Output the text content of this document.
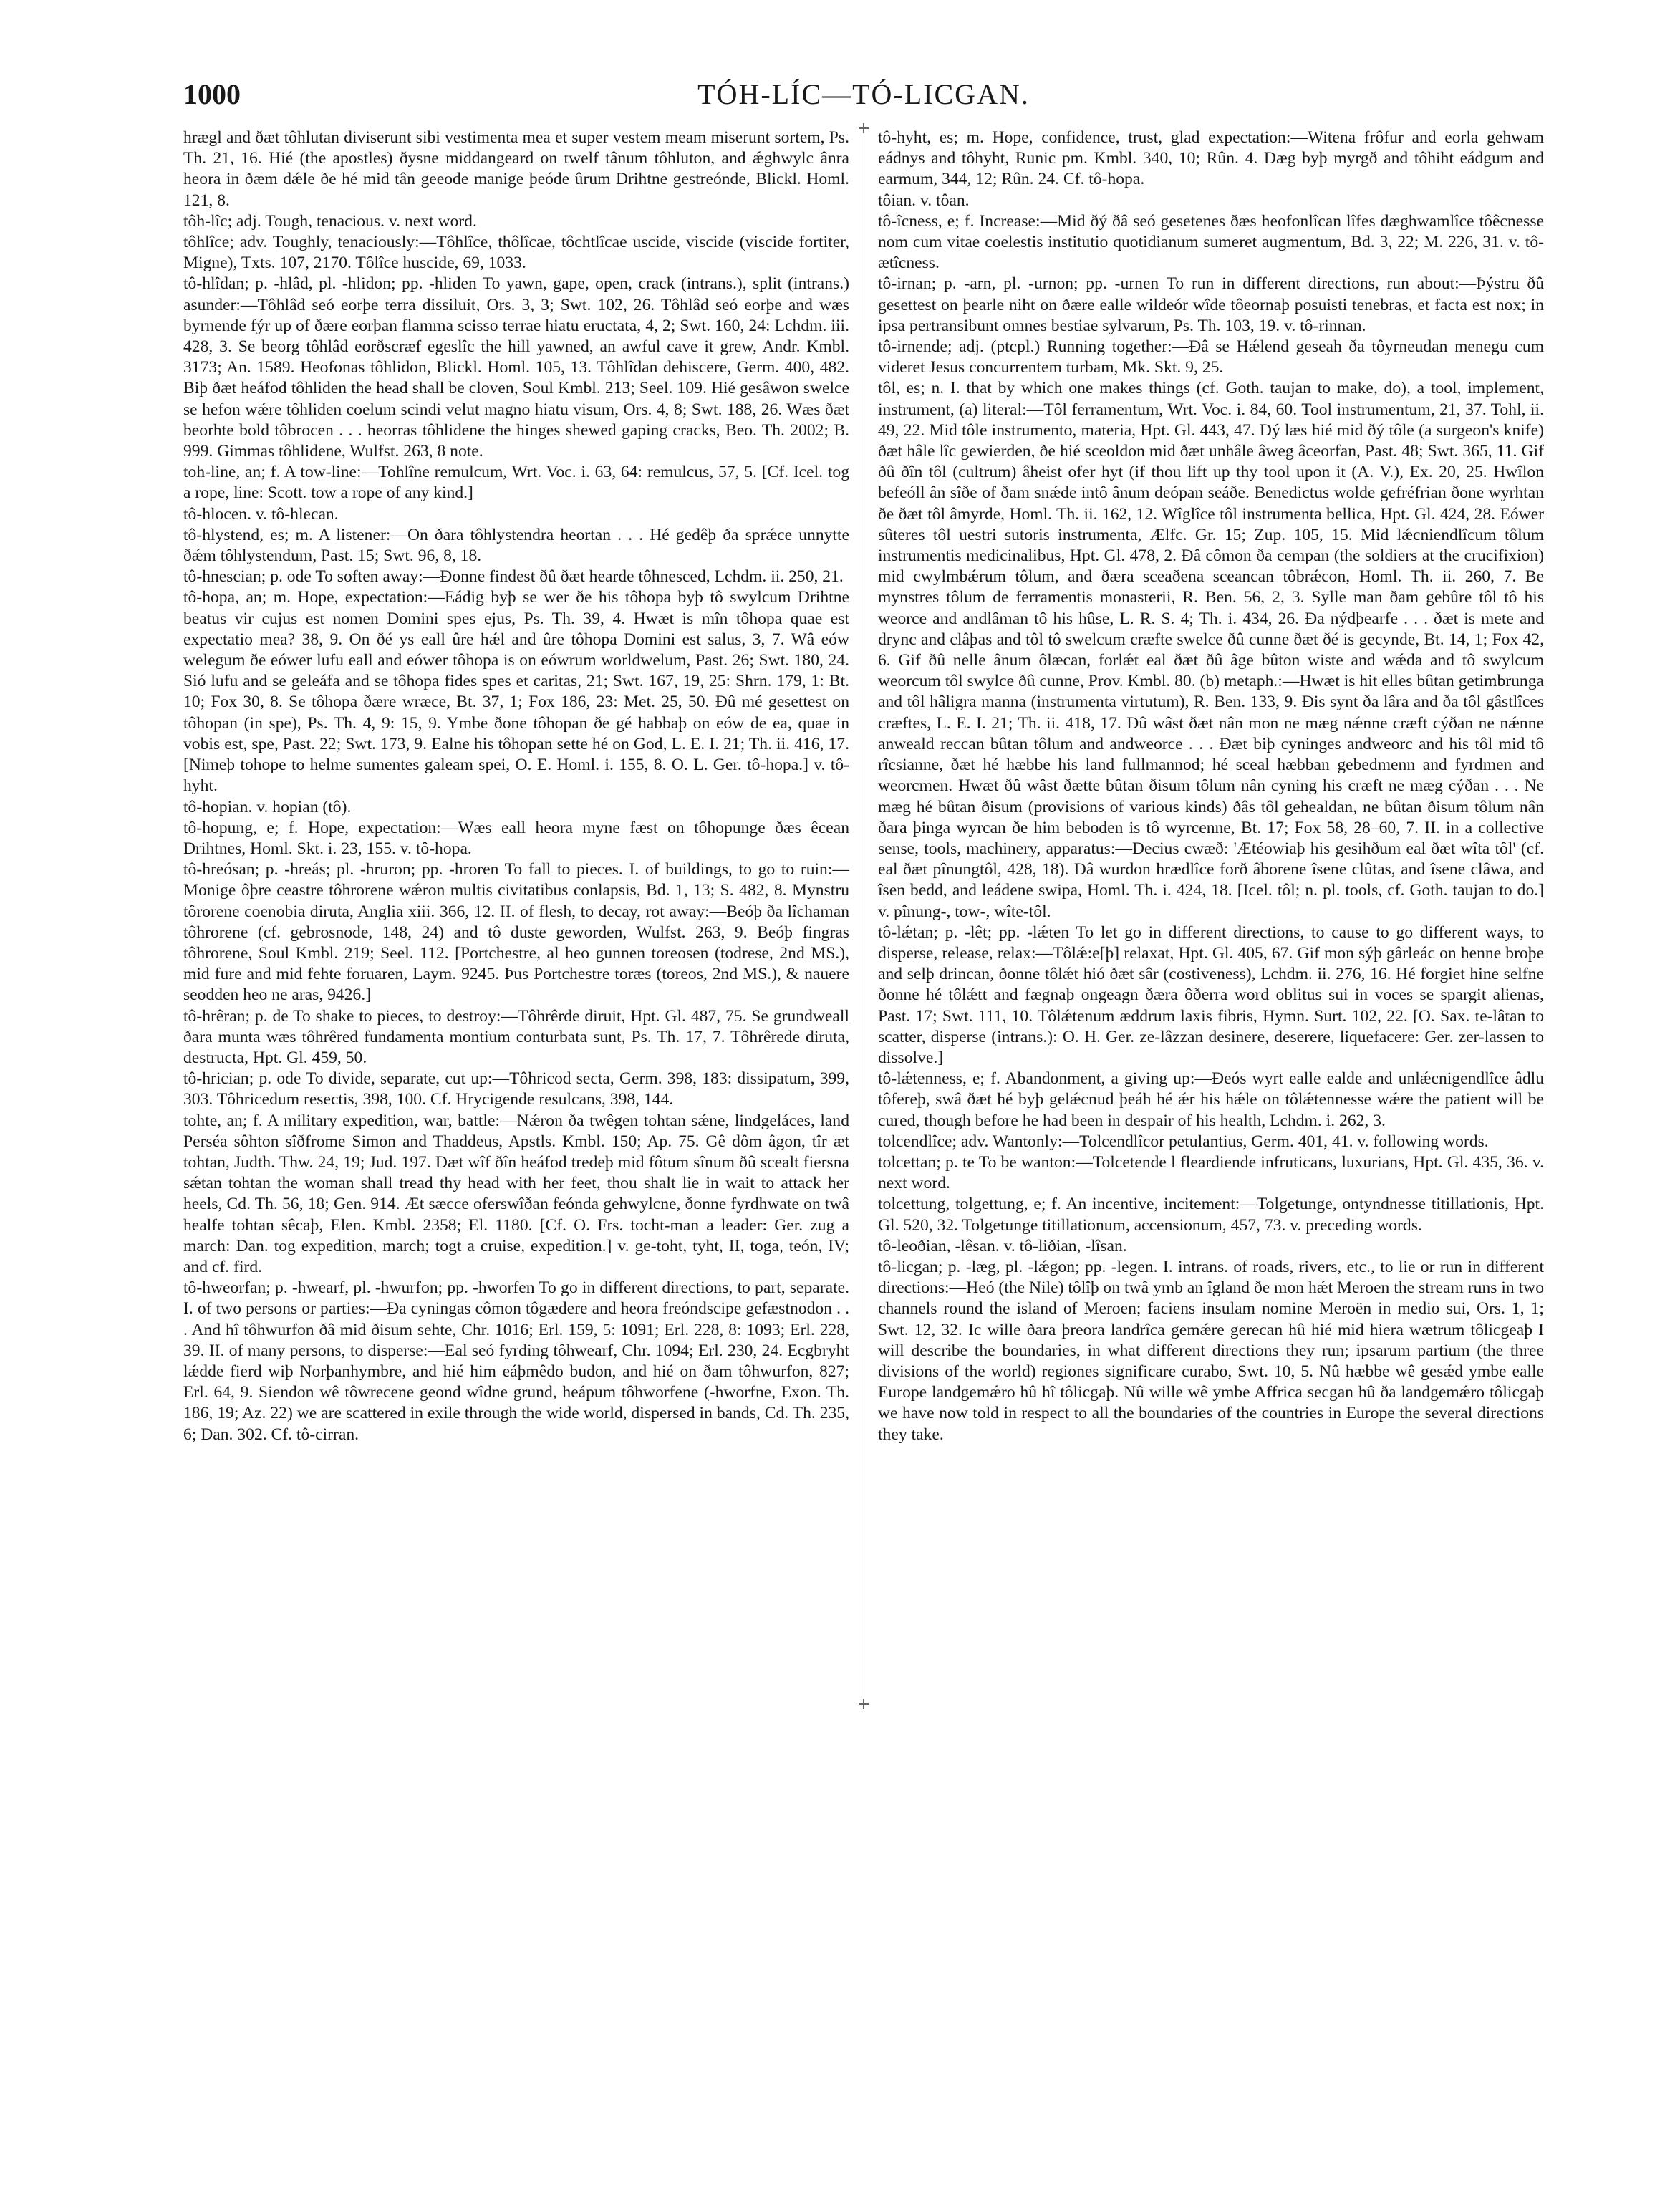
1000	TÓH-LÍC—TÓ-LICGAN.

hrægl and ðæt tôhlutan diviserunt sibi vestimenta mea et super vestem meam miserunt sortem, Ps. Th. 21, 16. Hié (the apostles) ðysne middangeard on twelf tânum tôhluton, and ǽghwylc ânra heora in ðæm dǽle ðe hé mid tân geeode manige þeóde ûrum Drihtne gestreónde, Blickl. Homl. 121, 8.

tôh-lîc; adj. Tough, tenacious. v. next word.

tôhlîce; adv. Toughly, tenaciously:—Tôhlîce, thôlîcae, tôchtlîcae uscide, viscide (viscide fortiter, Migne), Txts. 107, 2170. Tôlîce huscide, 69, 1033.

tô-hlîdan; p. -hlâd, pl. -hlidon; pp. -hliden To yawn, gape, open, crack (intrans.), split (intrans.) asunder:—Tôhlâd seó eorþe terra dissiluit, Ors. 3, 3; Swt. 102, 26. Tôhlâd seó eorþe and wæs byrnende fýr up of ðære eorþan flamma scisso terrae hiatu eructata, 4, 2; Swt. 160, 24: Lchdm. iii. 428, 3. Se beorg tôhlâd eorðscræf egeslîc the hill yawned, an awful cave it grew, Andr. Kmbl. 3173; An. 1589. Heofonas tôhlidon, Blickl. Homl. 105, 13. Tôhlîdan dehiscere, Germ. 400, 482. Biþ ðæt heáfod tôhliden the head shall be cloven, Soul Kmbl. 213; Seel. 109. Hié gesâwon swelce se hefon wǽre tôhliden coelum scindi velut magno hiatu visum, Ors. 4, 8; Swt. 188, 26. Wæs ðæt beorhte bold tôbrocen . . . heorras tôhlidene the hinges shewed gaping cracks, Beo. Th. 2002; B. 999. Gimmas tôhlidene, Wulfst. 263, 8 note.

toh-line, an; f. A tow-line:—Tohlîne remulcum, Wrt. Voc. i. 63, 64: remulcus, 57, 5. [Cf. Icel. tog a rope, line: Scott. tow a rope of any kind.]

tô-hlocen. v. tô-hlecan.

tô-hlystend, es; m. A listener:—On ðara tôhlystendra heortan . . . Hé gedêþ ða sprǽce unnytte ðǽm tôhlystendum, Past. 15; Swt. 96, 8, 18.

tô-hnescian; p. ode To soften away:—Ðonne findest ðû ðæt hearde tôhnesced, Lchdm. ii. 250, 21.

tô-hopa, an; m. Hope, expectation:—Eádig byþ se wer ðe his tôhopa byþ tô swylcum Drihtne beatus vir cujus est nomen Domini spes ejus, Ps. Th. 39, 4. Hwæt is mîn tôhopa quae est expectatio mea? 38, 9. On ðé ys eall ûre hǽl and ûre tôhopa Domini est salus, 3, 7. Wâ eów welegum ðe eówer lufu eall and eówer tôhopa is on eówrum worldwelum, Past. 26; Swt. 180, 24. Sió lufu and se geleáfa and se tôhopa fides spes et caritas, 21; Swt. 167, 19, 25: Shrn. 179, 1: Bt. 10; Fox 30, 8. Se tôhopa ðære wræce, Bt. 37, 1; Fox 186, 23: Met. 25, 50. Ðû mé gesettest on tôhopan (in spe), Ps. Th. 4, 9: 15, 9. Ymbe ðone tôhopan ðe gé habbaþ on eów de ea, quae in vobis est, spe, Past. 22; Swt. 173, 9. Ealne his tôhopan sette hé on God, L. E. I. 21; Th. ii. 416, 17. [Nimeþ tohope to helme sumentes galeam spei, O. E. Homl. i. 155, 8. O. L. Ger. tô-hopa.] v. tô-hyht.

tô-hopian. v. hopian (tô).

tô-hopung, e; f. Hope, expectation:—Wæs eall heora myne fæst on tôhopunge ðæs êcean Drihtnes, Homl. Skt. i. 23, 155. v. tô-hopa.

tô-hreósan; p. -hreás; pl. -hruron; pp. -hroren To fall to pieces. I. of buildings, to go to ruin:—Monige ôþre ceastre tôhrorene wǽron multis civitatibus conlapsis, Bd. 1, 13; S. 482, 8. Mynstru tôrorene coenobia diruta, Anglia xiii. 366, 12. II. of flesh, to decay, rot away:—Beóþ ða lîchaman tôhrorene (cf. gebrosnode, 148, 24) and tô duste geworden, Wulfst. 263, 9. Beóþ fingras tôhrorene, Soul Kmbl. 219; Seel. 112. [Portchestre, al heo gunnen toreosen (todrese, 2nd MS.), mid fure and mid fehte foruaren, Laym. 9245. Þus Portchestre toræs (toreos, 2nd MS.), & nauere seodden heo ne aras, 9426.]

tô-hrêran; p. de To shake to pieces, to destroy:—Tôhrêrde diruit, Hpt. Gl. 487, 75. Se grundweall ðara munta wæs tôhrêred fundamenta montium conturbata sunt, Ps. Th. 17, 7. Tôhrêrede diruta, destructa, Hpt. Gl. 459, 50.

tô-hrician; p. ode To divide, separate, cut up:—Tôhricod secta, Germ. 398, 183: dissipatum, 399, 303. Tôhricedum resectis, 398, 100. Cf. Hrycigende resulcans, 398, 144.

tohte, an; f. A military expedition, war, battle:—Nǽron ða twêgen tohtan sǽne, lindgeláces, land Perséa sôhton sîðfrome Simon and Thaddeus, Apstls. Kmbl. 150; Ap. 75. Gê dôm âgon, tîr æt tohtan, Judth. Thw. 24, 19; Jud. 197. Ðæt wîf ðîn heáfod tredeþ mid fôtum sînum ðû scealt fiersna sǽtan tohtan the woman shall tread thy head with her feet, thou shalt lie in wait to attack her heels, Cd. Th. 56, 18; Gen. 914. Æt sæcce oferswîðan feónda gehwylcne, ðonne fyrdhwate on twâ healfe tohtan sêcaþ, Elen. Kmbl. 2358; El. 1180. [Cf. O. Frs. tocht-man a leader: Ger. zug a march: Dan. tog expedition, march; togt a cruise, expedition.] v. ge-toht, tyht, II, toga, teón, IV; and cf. fird.

tô-hweorfan; p. -hwearf, pl. -hwurfon; pp. -hworfen To go in different directions, to part, separate. I. of two persons or parties:—Ða cyningas cômon tôgædere and heora freóndscipe gefæstnodon . . . And hî tôhwurfon ðâ mid ðisum sehte, Chr. 1016; Erl. 159, 5: 1091; Erl. 228, 8: 1093; Erl. 228, 39. II. of many persons, to disperse:—Eal seó fyrding tôhwearf, Chr. 1094; Erl. 230, 24. Ecgbryht lǽdde fierd wiþ Norþanhymbre, and hié him eáþmêdo budon, and hié on ðam tôhwurfon, 827; Erl. 64, 9. Siendon wê tôwrecene geond wîdne grund, heápum tôhworfene (-hworfne, Exon. Th. 186, 19; Az. 22) we are scattered in exile through the wide world, dispersed in bands, Cd. Th. 235, 6; Dan. 302. Cf. tô-cirran.

tô-hyht, es; m. Hope, confidence, trust, glad expectation:—Witena frôfur and eorla gehwam eádnys and tôhyht, Runic pm. Kmbl. 340, 10; Rûn. 4. Dæg byþ myrgð and tôhiht eádgum and earmum, 344, 12; Rûn. 24. Cf. tô-hopa.

tôian. v. tôan.

tô-îcness, e; f. Increase:—Mid ðý ðâ seó gesetenes ðæs heofonlîcan lîfes dæghwamlîce tôêcnesse nom cum vitae coelestis institutio quotidianum sumeret augmentum, Bd. 3, 22; M. 226, 31. v. tô-ætîcness.

tô-irnan; p. -arn, pl. -urnon; pp. -urnen To run in different directions, run about:—Þýstru ðû gesettest on þearle niht on ðære ealle wildeór wîde tôeornaþ posuisti tenebras, et facta est nox; in ipsa pertransibunt omnes bestiae sylvarum, Ps. Th. 103, 19. v. tô-rinnan.

tô-irnende; adj. (ptcpl.) Running together:—Ðâ se Hǽlend geseah ða tôyrneudan menegu cum videret Jesus concurrentem turbam, Mk. Skt. 9, 25.

tôl, es; n. I. that by which one makes things (cf. Goth. taujan to make, do), a tool, implement, instrument, (a) literal:—Tôl ferramentum, Wrt. Voc. i. 84, 60. Tool instrumentum, 21, 37. Tohl, ii. 49, 22. Mid tôle instrumento, materia, Hpt. Gl. 443, 47. Ðý læs hié mid ðý tôle (a surgeon's knife) ðæt hâle lîc gewierden, ðe hié sceoldon mid ðæt unhâle âweg âceorfan, Past. 48; Swt. 365, 11. Gif ðû ðîn tôl (cultrum) âheist ofer hyt (if thou lift up thy tool upon it (A. V.), Ex. 20, 25. Hwîlon befeóll ân sîðe of ðam snǽde intô ânum deópan seáðe. Benedictus wolde gefréfrian ðone wyrhtan ðe ðæt tôl âmyrde, Homl. Th. ii. 162, 12. Wîglîce tôl instrumenta bellica, Hpt. Gl. 424, 28. Eówer sûteres tôl uestri sutoris instrumenta, Ælfc. Gr. 15; Zup. 105, 15. Mid lǽcniendlîcum tôlum instrumentis medicinalibus, Hpt. Gl. 478, 2. Ðâ cômon ða cempan (the soldiers at the crucifixion) mid cwylmbǽrum tôlum, and ðæra sceaðena sceancan tôbrǽcon, Homl. Th. ii. 260, 7. Be mynstres tôlum de ferramentis monasterii, R. Ben. 56, 2, 3. Sylle man ðam gebûre tôl tô his weorce and andlâman tô his hûse, L. R. S. 4; Th. i. 434, 26. Ða nýdþearfe . . . ðæt is mete and drync and clâþas and tôl tô swelcum cræfte swelce ðû cunne ðæt ðé is gecynde, Bt. 14, 1; Fox 42, 6. Gif ðû nelle ânum ôlæcan, forlǽt eal ðæt ðû âge bûton wiste and wǽda and tô swylcum weorcum tôl swylce ðû cunne, Prov. Kmbl. 80. (b) metaph.:—Hwæt is hit elles bûtan getimbrunga and tôl hâligra manna (instrumenta virtutum), R. Ben. 133, 9. Ðis synt ða lâra and ða tôl gâstlîces cræftes, L. E. I. 21; Th. ii. 418, 17. Ðû wâst ðæt nân mon ne mæg nǽnne cræft cýðan ne nǽnne anweald reccan bûtan tôlum and andweorce . . . Ðæt biþ cyninges andweorc and his tôl mid tô rîcsianne, ðæt hé hæbbe his land fullmannod; hé sceal hæbban gebedmenn and fyrdmen and weorcmen. Hwæt ðû wâst ðætte bûtan ðisum tôlum nân cyning his cræft ne mæg cýðan . . . Ne mæg hé bûtan ðisum (provisions of various kinds) ðâs tôl gehealdan, ne bûtan ðisum tôlum nân ðara þinga wyrcan ðe him beboden is tô wyrcenne, Bt. 17; Fox 58, 28–60, 7. II. in a collective sense, tools, machinery, apparatus:—Decius cwæð: 'Ætéowiaþ his gesihðum eal ðæt wîta tôl' (cf. eal ðæt pînungtôl, 428, 18). Ðâ wurdon hrædlîce forð âborene îsene clûtas, and îsene clâwa, and îsen bedd, and leádene swipa, Homl. Th. i. 424, 18. [Icel. tôl; n. pl. tools, cf. Goth. taujan to do.] v. pînung-, tow-, wîte-tôl.

tô-lǽtan; p. -lêt; pp. -lǽten To let go in different directions, to cause to go different ways, to disperse, release, relax:—Tôlǽ:e[þ] relaxat, Hpt. Gl. 405, 67. Gif mon sýþ gârleác on henne broþe and selþ drincan, ðonne tôlǽt hió ðæt sâr (costiveness), Lchdm. ii. 276, 16. Hé forgiet hine selfne ðonne hé tôlǽtt and fægnaþ ongeagn ðæra ôðerra word oblitus sui in voces se spargit alienas, Past. 17; Swt. 111, 10. Tôlǽtenum æddrum laxis fibris, Hymn. Surt. 102, 22. [O. Sax. te-lâtan to scatter, disperse (intrans.): O. H. Ger. ze-lâzzan desinere, deserere, liquefacere: Ger. zer-lassen to dissolve.]

tô-lǽtenness, e; f. Abandonment, a giving up:—Ðeós wyrt ealle ealde and unlǽcnigendlîce âdlu tôfereþ, swâ ðæt hé byþ gelǽcnud þeáh hé ǽr his hǽle on tôlǽtennesse wǽre the patient will be cured, though before he had been in despair of his health, Lchdm. i. 262, 3.

tolcendlîce; adv. Wantonly:—Tolcendlîcor petulantius, Germ. 401, 41. v. following words.

tolcettan; p. te To be wanton:—Tolcetende l fleardiende infruticans, luxurians, Hpt. Gl. 435, 36. v. next word.

tolcettung, tolgettung, e; f. An incentive, incitement:—Tolgetunge, ontyndnesse titillationis, Hpt. Gl. 520, 32. Tolgetunge titillationum, accensionum, 457, 73. v. preceding words.

tô-leoðian, -lêsan. v. tô-liðian, -lîsan.

tô-licgan; p. -læg, pl. -lǽgon; pp. -legen. I. intrans. of roads, rivers, etc., to lie or run in different directions:—Heó (the Nile) tôlîþ on twâ ymb an îgland ðe mon hǽt Meroen the stream runs in two channels round the island of Meroen; faciens insulam nomine Meroën in medio sui, Ors. 1, 1; Swt. 12, 32. Ic wille ðara þreora landrîca gemǽre gerecan hû hié mid hiera wætrum tôlicgeaþ I will describe the boundaries, in what different directions they run; ipsarum partium (the three divisions of the world) regiones significare curabo, Swt. 10, 5. Nû hæbbe wê gesǽd ymbe ealle Europe landgemǽro hû hî tôlicgaþ. Nû wille wê ymbe Affrica secgan hû ða landgemǽro tôlicgaþ we have now told in respect to all the boundaries of the countries in Europe the several directions they take.
